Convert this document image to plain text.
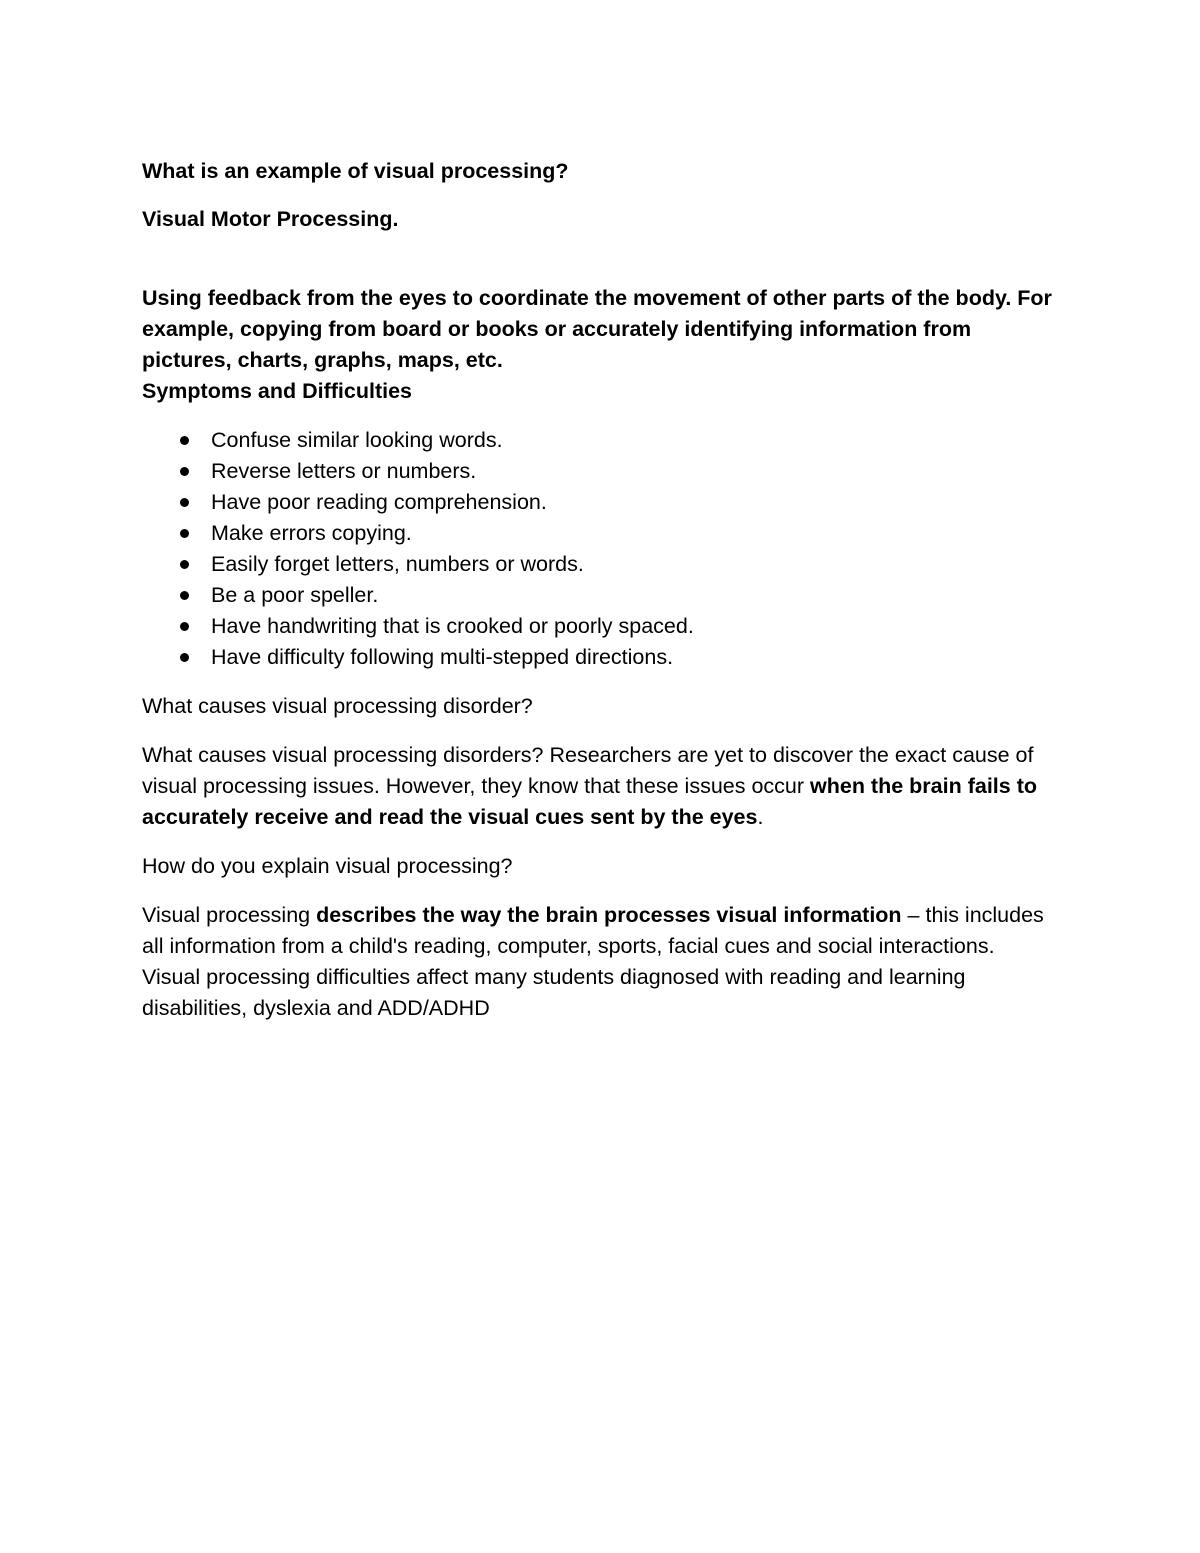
What is an example of visual processing?

Visual Motor Processing.

Using feedback from the eyes to coordinate the movement of other parts of the body. For example, copying from board or books or accurately identifying information from pictures, charts, graphs, maps, etc.

Symptoms and Difficulties

Confuse similar looking words.
Reverse letters or numbers.
Have poor reading comprehension.
Make errors copying.
Easily forget letters, numbers or words.
Be a poor speller.
Have handwriting that is crooked or poorly spaced.
Have difficulty following multi-stepped directions.

What causes visual processing disorder?

What causes visual processing disorders? Researchers are yet to discover the exact cause of visual processing issues. However, they know that these issues occur when the brain fails to accurately receive and read the visual cues sent by the eyes.

How do you explain visual processing?

Visual processing describes the way the brain processes visual information – this includes all information from a child's reading, computer, sports, facial cues and social interactions. Visual processing difficulties affect many students diagnosed with reading and learning disabilities, dyslexia and ADD/ADHD
